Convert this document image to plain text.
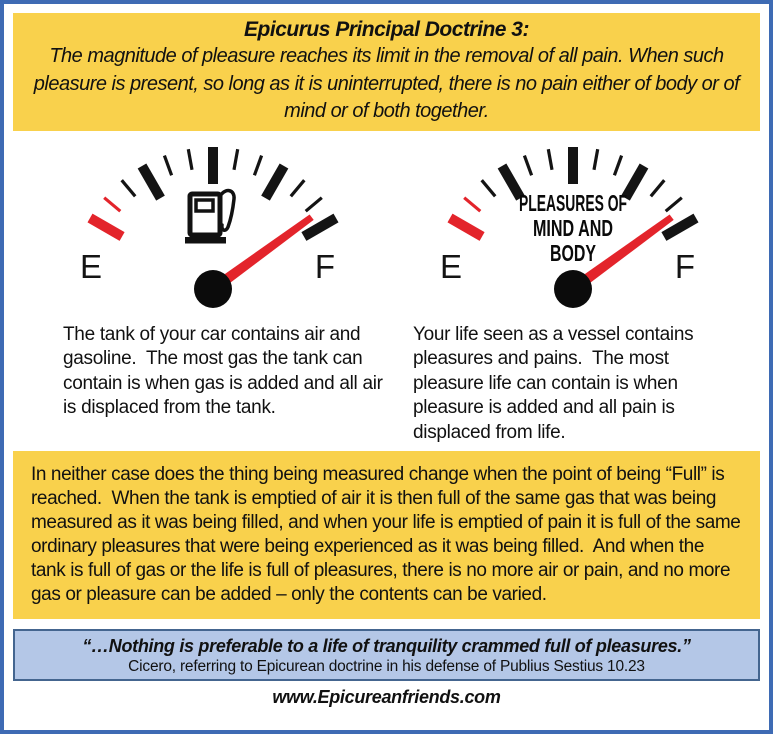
Epicurus Principal Doctrine 3:
The magnitude of pleasure reaches its limit in the removal of all pain. When such pleasure is present, so long as it is uninterrupted, there is no pain either of body or of mind or of both together.
E	F

The tank of your car contains air and gasoline.  The most gas the tank can contain is when gas is added and all air is displaced from the tank.

E	F
PLEASURES OF
MIND AND
BODY

Your life seen as a vessel contains pleasures and pains.  The most pleasure life can contain is when pleasure is added and all pain is displaced from life.

In neither case does the thing being measured change when the point of being “Full” is reached.  When the tank is emptied of air it is then full of the same gas that was being measured as it was being filled, and when your life is emptied of pain it is full of the same ordinary pleasures that were being experienced as it was being filled.  And when the tank is full of gas or the life is full of pleasures, there is no more air or pain, and no more gas or pleasure can be added – only the contents can be varied.

“…Nothing is preferable to a life of tranquility crammed full of pleasures.”
Cicero, referring to Epicurean doctrine in his defense of Publius Sestius 10.23
www.Epicureanfriends.com
